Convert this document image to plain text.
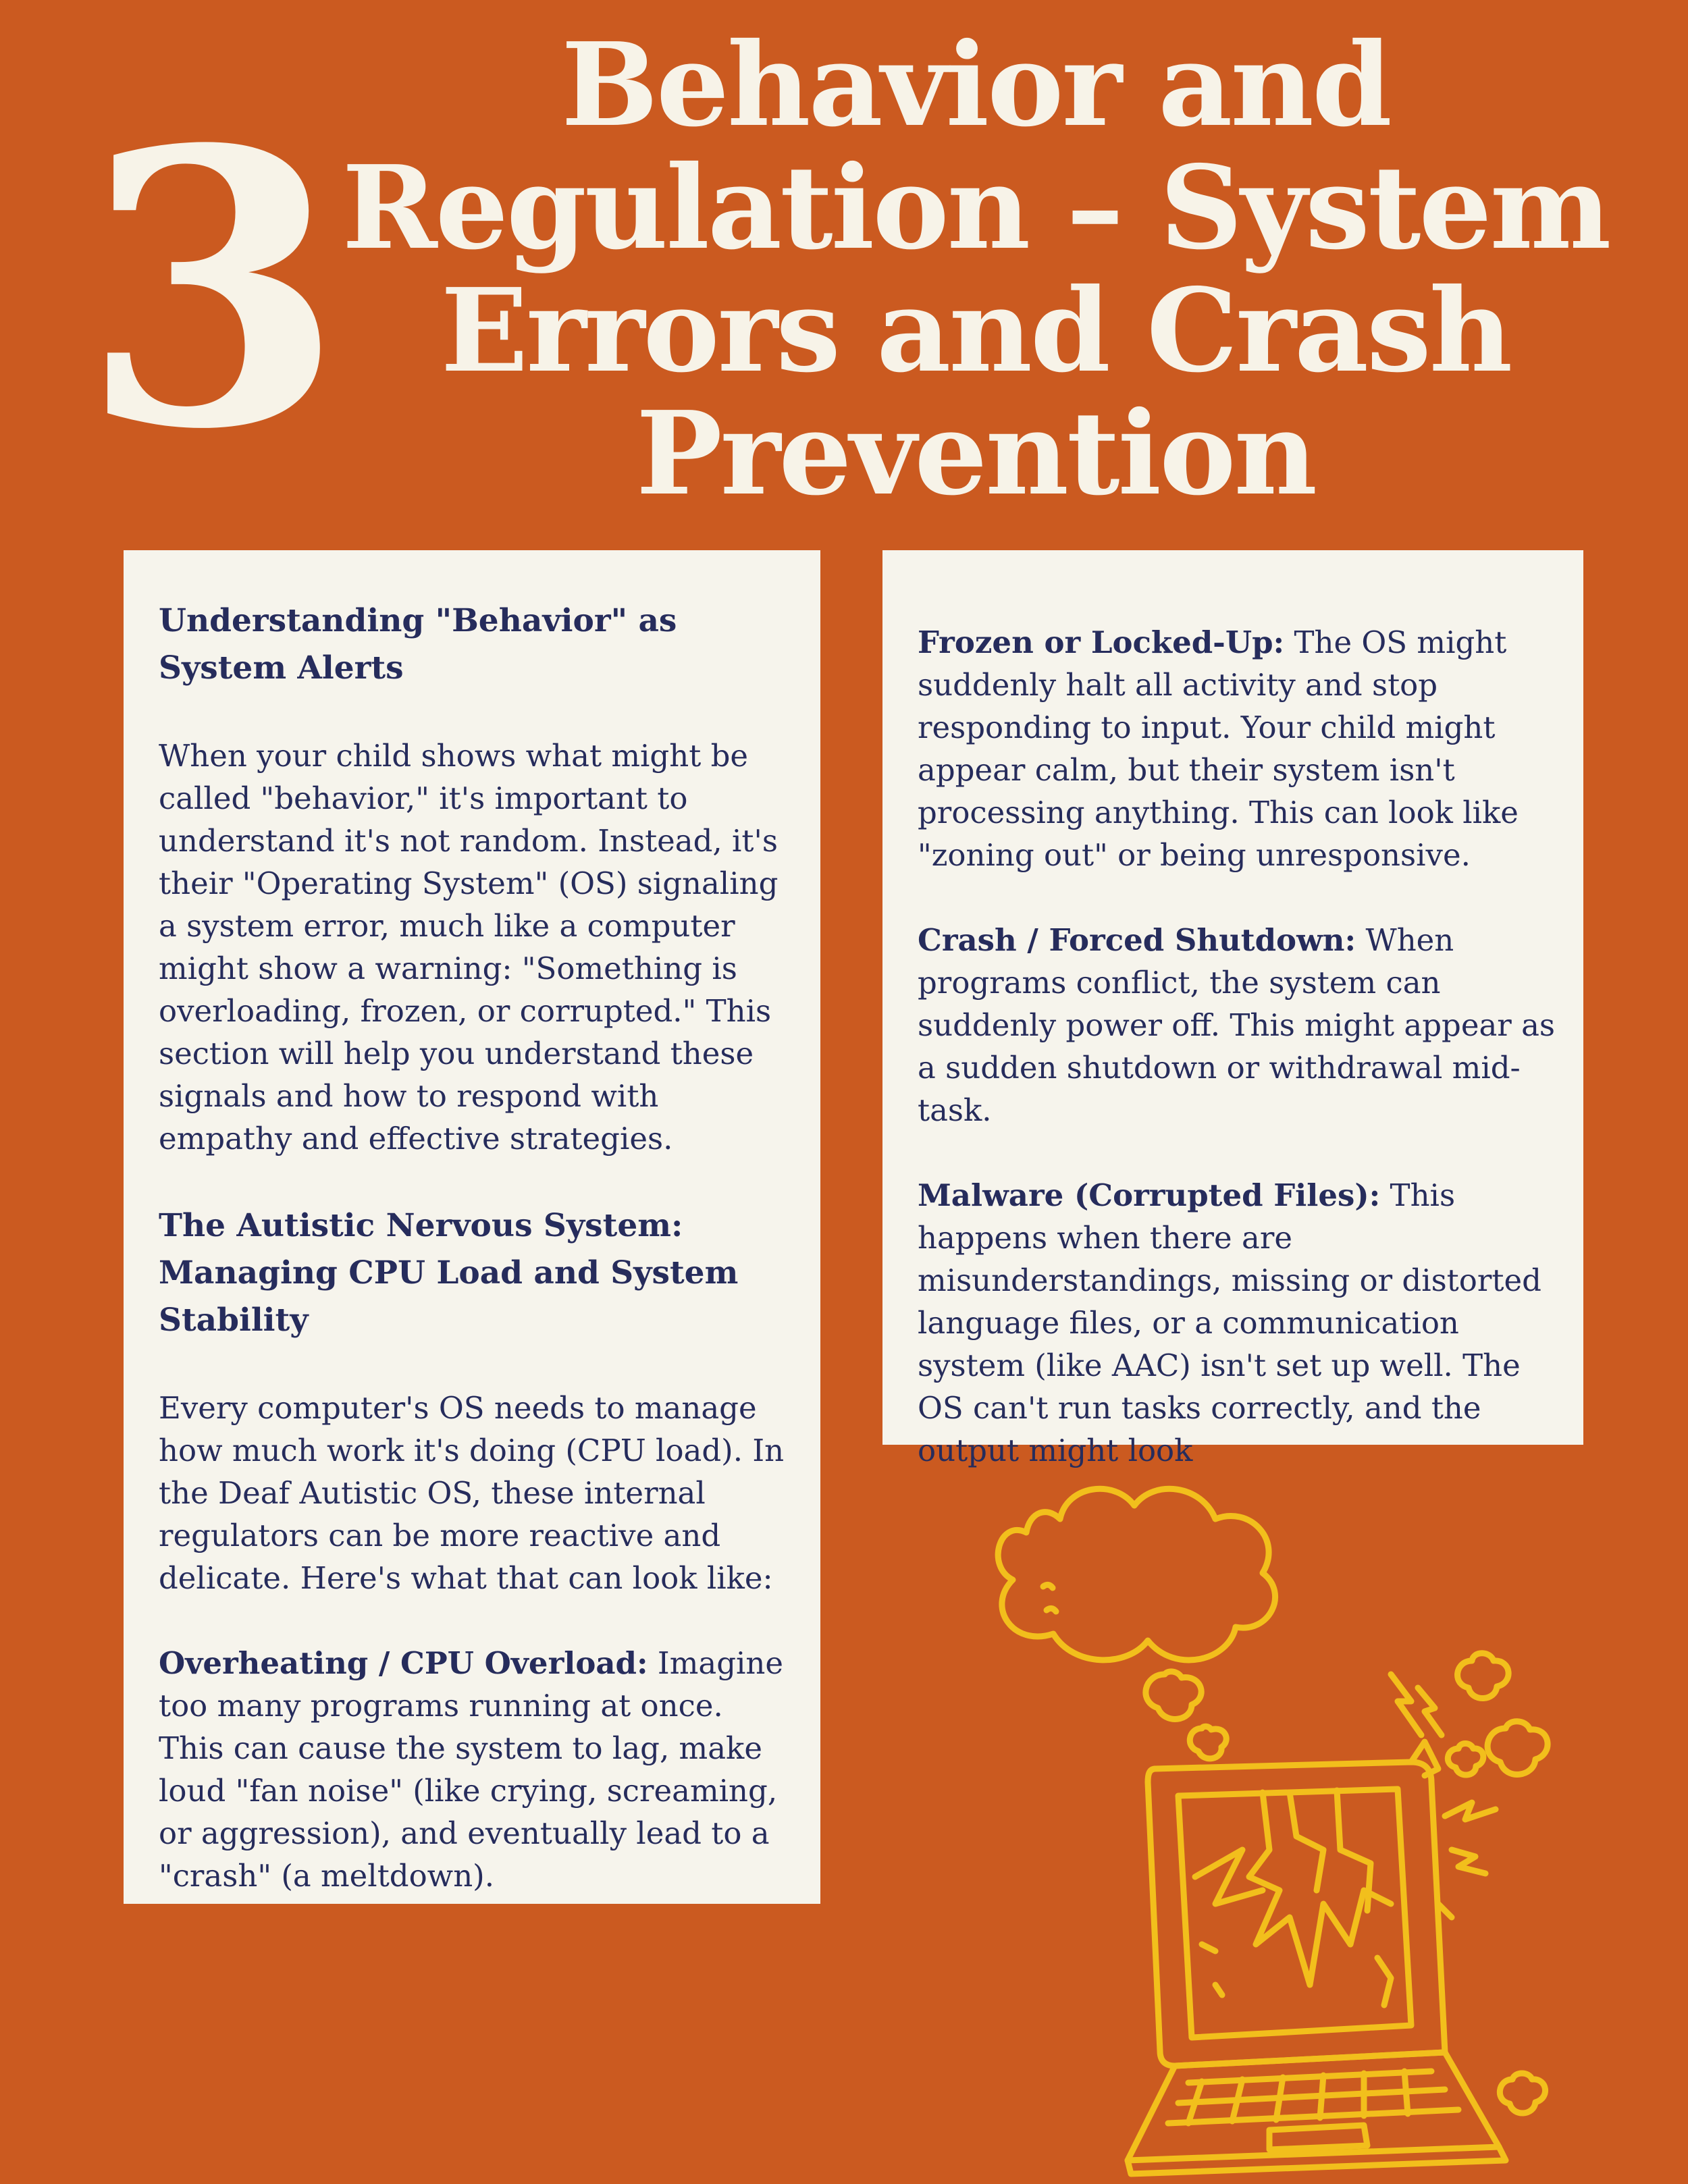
3	Behavior and
Regulation – System
Errors and Crash
Prevention
Understanding "Behavior" as System Alerts

When your child shows what might be called "behavior," it's important to understand it's not random. Instead, it's their "Operating System" (OS) signaling a system error, much like a computer might show a warning: "Something is overloading, frozen, or corrupted." This section will help you understand these signals and how to respond with empathy and effective strategies.

The Autistic Nervous System: Managing CPU Load and System Stability

Every computer's OS needs to manage how much work it's doing (CPU load). In the Deaf Autistic OS, these internal regulators can be more reactive and delicate. Here's what that can look like:

Overheating / CPU Overload: Imagine too many programs running at once. This can cause the system to lag, make loud "fan noise" (like crying, screaming, or aggression), and eventually lead to a "crash" (a meltdown).

Frozen or Locked-Up: The OS might suddenly halt all activity and stop responding to input. Your child might appear calm, but their system isn't processing anything. This can look like "zoning out" or being unresponsive.

Crash / Forced Shutdown: When programs conflict, the system can suddenly power off. This might appear as a sudden shutdown or withdrawal mid-task.

Malware (Corrupted Files): This happens when there are misunderstandings, missing or distorted language files, or a communication system (like AAC) isn't set up well. The OS can't run tasks correctly, and the output might look
